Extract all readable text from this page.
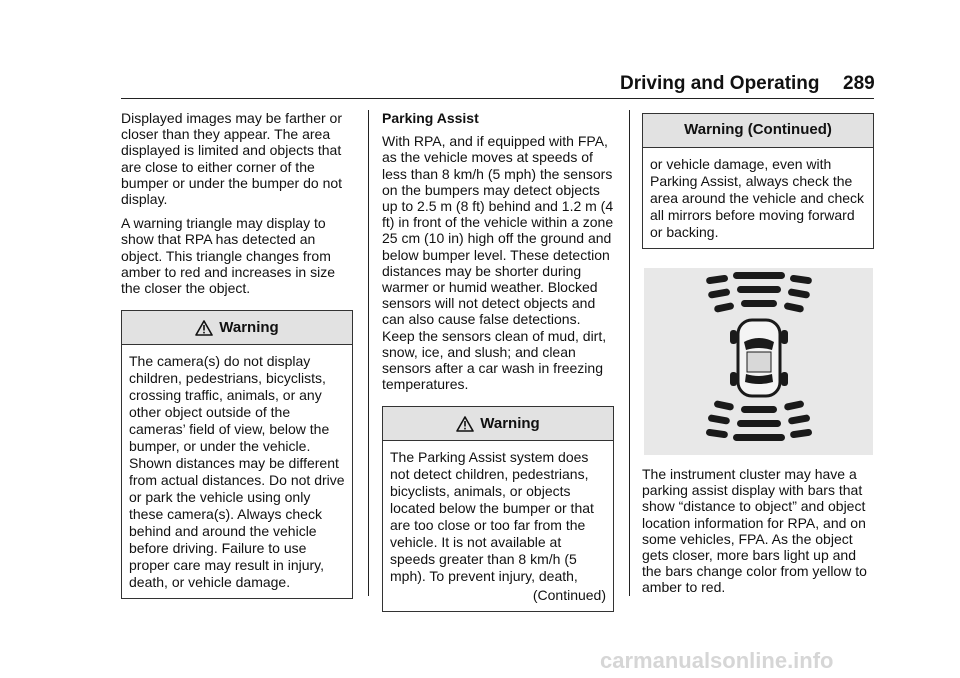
Driving and Operating 289

Displayed images may be farther or closer than they appear. The area displayed is limited and objects that are close to either corner of the bumper or under the bumper do not display.

A warning triangle may display to show that RPA has detected an object. This triangle changes from amber to red and increases in size the closer the object.

Warning
The camera(s) do not display children, pedestrians, bicyclists, crossing traffic, animals, or any other object outside of the cameras’ field of view, below the bumper, or under the vehicle. Shown distances may be different from actual distances. Do not drive or park the vehicle using only these camera(s). Always check behind and around the vehicle before driving. Failure to use proper care may result in injury, death, or vehicle damage.

Parking Assist

With RPA, and if equipped with FPA, as the vehicle moves at speeds of less than 8 km/h (5 mph) the sensors on the bumpers may detect objects up to 2.5 m (8 ft) behind and 1.2 m (4 ft) in front of the vehicle within a zone 25 cm (10 in) high off the ground and below bumper level. These detection distances may be shorter during warmer or humid weather. Blocked sensors will not detect objects and can also cause false detections. Keep the sensors clean of mud, dirt, snow, ice, and slush; and clean sensors after a car wash in freezing temperatures.

Warning
The Parking Assist system does not detect children, pedestrians, bicyclists, animals, or objects located below the bumper or that are too close or too far from the vehicle. It is not available at speeds greater than 8 km/h (5 mph). To prevent injury, death,
(Continued)
Warning (Continued)
or vehicle damage, even with Parking Assist, always check the area around the vehicle and check all mirrors before moving forward or backing.
The instrument cluster may have a parking assist display with bars that show “distance to object” and object location information for RPA, and on some vehicles, FPA. As the object gets closer, more bars light up and the bars change color from yellow to amber to red.
carmanualsonline.info
